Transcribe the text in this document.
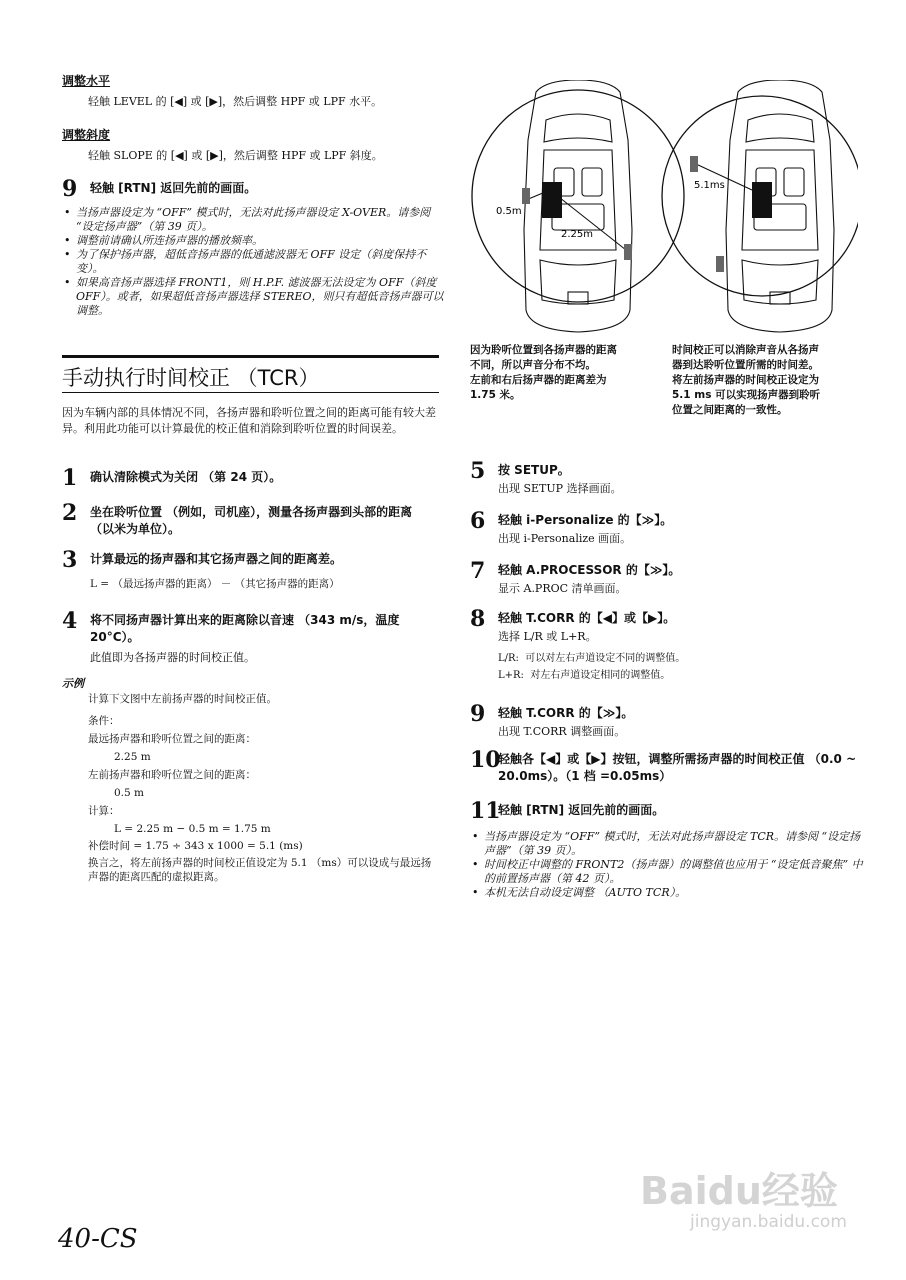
调整水平
轻触 LEVEL 的 [◀] 或 [▶]，然后调整 HPF 或 LPF 水平。
调整斜度
轻触 SLOPE 的 [◀] 或 [▶]，然后调整 HPF 或 LPF 斜度。
9 轻触 [RTN] 返回先前的画面。
• 当扬声器设定为 “OFF” 模式时，无法对此扬声器设定 X-OVER。请参阅 “设定扬声器”（第 39 页）。
• 调整前请确认所连扬声器的播放频率。
• 为了保护扬声器，超低音扬声器的低通滤波器无 OFF 设定（斜度保持不变）。
• 如果高音扬声器选择 FRONT1，则 H.P.F. 滤波器无法设定为 OFF（斜度 OFF）。或者，如果超低音扬声器选择 STEREO，则只有超低音扬声器可以调整。
手动执行时间校正 （TCR）
因为车辆内部的具体情况不同，各扬声器和聆听位置之间的距离可能有较大差异。利用此功能可以计算最优的校正值和消除到聆听位置的时间误差。
1 确认清除模式为关闭 （第 24 页）。
2 坐在聆听位置 （例如，司机座），测量各扬声器到头部的距离 （以米为单位）。
3 计算最远的扬声器和其它扬声器之间的距离差。
L = （最远扬声器的距离） － （其它扬声器的距离）
4 将不同扬声器计算出来的距离除以音速 （343 m/s，温度 20°C）。
此值即为各扬声器的时间校正值。
示例
计算下文图中左前扬声器的时间校正值。
条件：
最远扬声器和聆听位置之间的距离：
2.25 m
左前扬声器和聆听位置之间的距离：
0.5 m
计算：
L = 2.25 m − 0.5 m = 1.75 m
补偿时间 = 1.75 ÷ 343 x 1000 = 5.1 (ms)
换言之，将左前扬声器的时间校正值设定为 5.1 （ms）可以设成与最远扬声器的距离匹配的虚拟距离。
0.5m
2.25m
5.1ms
因为聆听位置到各扬声器的距离
不同，所以声音分布不均。
左前和右后扬声器的距离差为
1.75 米。
时间校正可以消除声音从各扬声
器到达聆听位置所需的时间差。
将左前扬声器的时间校正设定为
5.1 ms 可以实现扬声器到聆听
位置之间距离的一致性。
5 按 SETUP。
出现 SETUP 选择画面。
6 轻触 i-Personalize 的【≫】。
出现 i-Personalize 画面。
7 轻触 A.PROCESSOR 的【≫】。
显示 A.PROC 清单画面。
8 轻触 T.CORR 的【◀】或【▶】。
选择 L/R 或 L+R。
L/R: 可以对左右声道设定不同的调整值。
L+R: 对左右声道设定相同的调整值。
9 轻触 T.CORR 的【≫】。
出现 T.CORR 调整画面。
10
轻触各【◀】或【▶】按钮，调整所需扬声器的时间校正值 （0.0 ~ 20.0ms）。（1 档 =0.05ms）
11
轻触 [RTN] 返回先前的画面。
• 当扬声器设定为 “OFF” 模式时，无法对此扬声器设定 TCR。请参阅 “设定扬声器”（第 39 页）。
• 时间校正中调整的 FRONT2（扬声器）的调整值也应用于 “设定低音聚焦” 中的前置扬声器（第 42 页）。
• 本机无法自动设定调整 （AUTO TCR）。
Baidu经验
jingyan.baidu.com
40-CS
